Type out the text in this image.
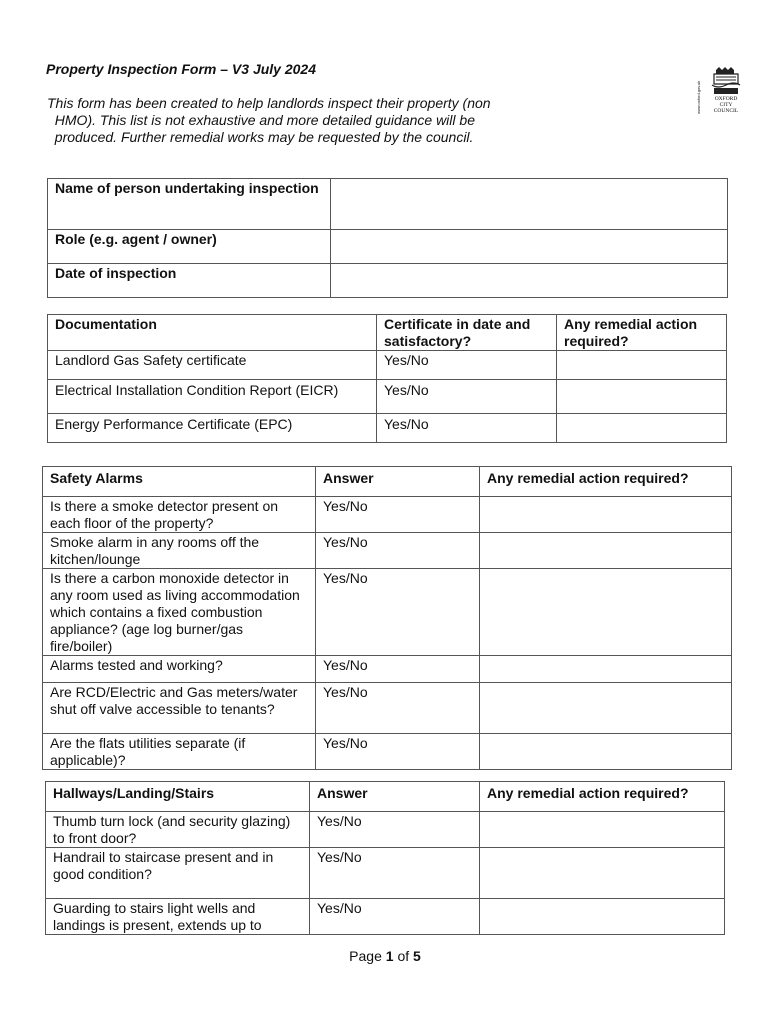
Property Inspection Form – V3 July 2024
This form has been created to help landlords inspect their property (non
HMO). This list is not exhaustive and more detailed guidance will be
produced. Further remedial works may be requested by the council.
www.oxford.gov.uk OXFORD
CITY
COUNCIL
Name of person undertaking inspection	
Role (e.g. agent / owner)	
Date of inspection	
Documentation	Certificate in date and satisfactory?	Any remedial action required?
Landlord Gas Safety certificate	Yes/No	
Electrical Installation Condition Report (EICR)	Yes/No	
Energy Performance Certificate (EPC)	Yes/No	
Safety Alarms	Answer	Any remedial action required?
Is there a smoke detector present on each floor of the property?	Yes/No	
Smoke alarm in any rooms off the kitchen/lounge	Yes/No	
Is there a carbon monoxide detector in any room used as living accommodation which contains a fixed combustion appliance? (age log burner/gas fire/boiler)	Yes/No	
Alarms tested and working?	Yes/No	
Are RCD/Electric and Gas meters/water shut off valve accessible to tenants?	Yes/No	
Are the flats utilities separate (if applicable)?	Yes/No	
Hallways/Landing/Stairs	Answer	Any remedial action required?
Thumb turn lock (and security glazing) to front door?	Yes/No	
Handrail to staircase present and in good condition?	Yes/No	
Guarding to stairs light wells and landings is present, extends up to	Yes/No	
Page 1 of 5
